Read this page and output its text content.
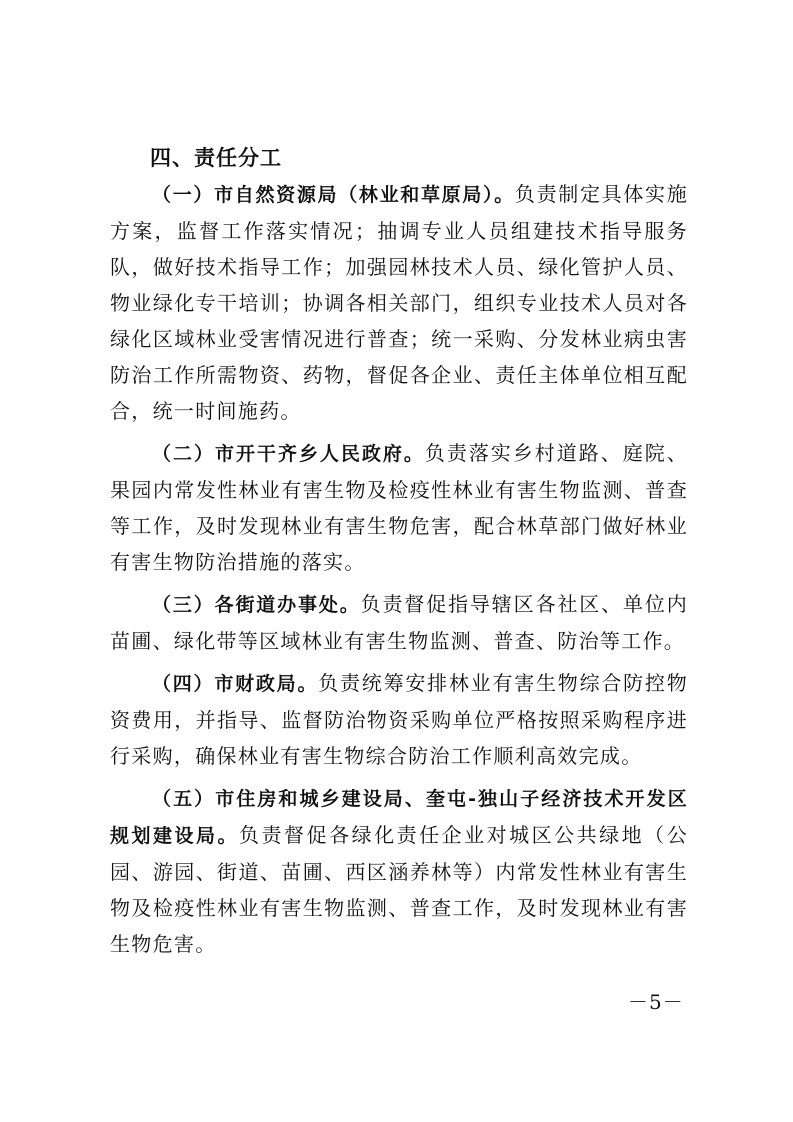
四、责任分工

（一）市自然资源局（林业和草原局）。负责制定具体实施方案，监督工作落实情况；抽调专业人员组建技术指导服务队，做好技术指导工作；加强园林技术人员、绿化管护人员、物业绿化专干培训；协调各相关部门，组织专业技术人员对各绿化区域林业受害情况进行普查；统一采购、分发林业病虫害防治工作所需物资、药物，督促各企业、责任主体单位相互配合，统一时间施药。

（二）市开干齐乡人民政府。负责落实乡村道路、庭院、果园内常发性林业有害生物及检疫性林业有害生物监测、普查等工作，及时发现林业有害生物危害，配合林草部门做好林业有害生物防治措施的落实。

（三）各街道办事处。负责督促指导辖区各社区、单位内苗圃、绿化带等区域林业有害生物监测、普查、防治等工作。

（四）市财政局。负责统筹安排林业有害生物综合防控物资费用，并指导、监督防治物资采购单位严格按照采购程序进行采购，确保林业有害生物综合防治工作顺利高效完成。

（五）市住房和城乡建设局、奎屯-独山子经济技术开发区规划建设局。负责督促各绿化责任企业对城区公共绿地（公园、游园、街道、苗圃、西区涵养林等）内常发性林业有害生物及检疫性林业有害生物监测、普查工作，及时发现林业有害生物危害。

－5－
